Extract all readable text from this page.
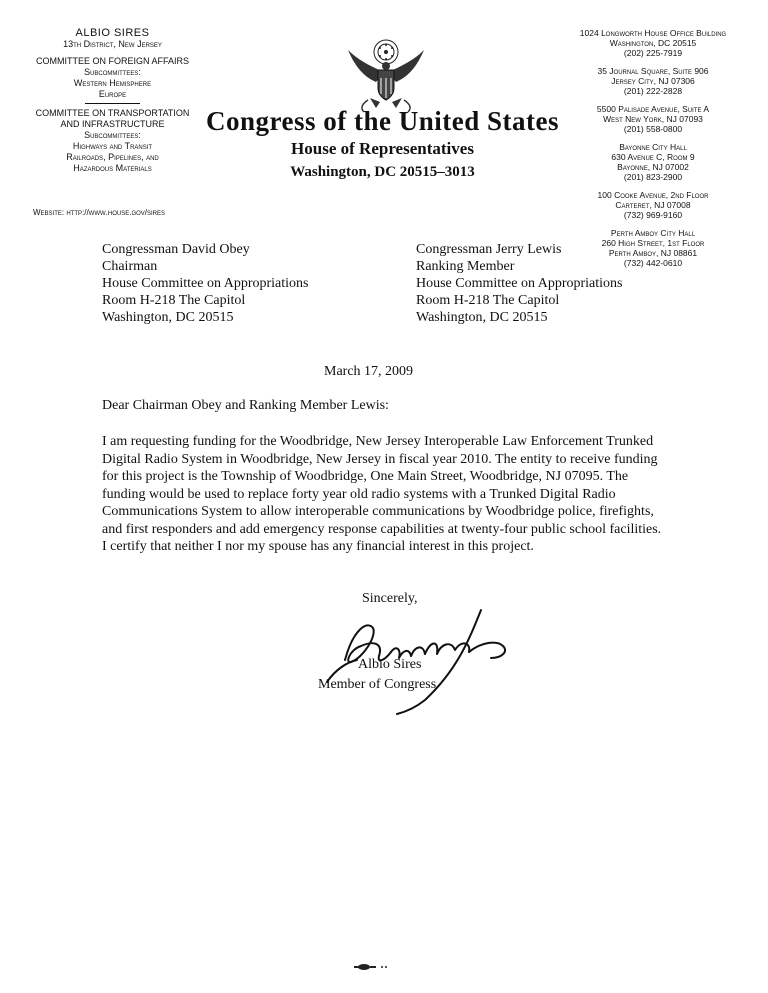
ALBIO SIRES
13th District, New Jersey
COMMITTEE ON FOREIGN AFFAIRS
Subcommittees:
Western Hemisphere
Europe
COMMITTEE ON TRANSPORTATION
AND INFRASTRUCTURE
Subcommittees:
Highways and Transit
Railroads, Pipelines, and
Hazardous Materials
Website: http://www.house.gov/sires
Congress of the United States
House of Representatives
Washington, DC 20515–3013
1024 Longworth House Office Building
Washington, DC 20515
(202) 225-7919
35 Journal Square, Suite 906
Jersey City, NJ 07306
(201) 222-2828
5500 Palisade Avenue, Suite A
West New York, NJ 07093
(201) 558-0800
Bayonne City Hall
630 Avenue C, Room 9
Bayonne, NJ 07002
(201) 823-2900
100 Cooke Avenue, 2nd Floor
Carteret, NJ 07008
(732) 969-9160
Perth Amboy City Hall
260 High Street, 1st Floor
Perth Amboy, NJ 08861
(732) 442-0610
Congressman David Obey
Chairman
House Committee on Appropriations
Room H-218 The Capitol
Washington, DC 20515
Congressman Jerry Lewis
Ranking Member
House Committee on Appropriations
Room H-218 The Capitol
Washington, DC 20515
March 17, 2009
Dear Chairman Obey and Ranking Member Lewis:
I am requesting funding for the Woodbridge, New Jersey Interoperable Law Enforcement Trunked Digital Radio System in Woodbridge, New Jersey in fiscal year 2010. The entity to receive funding for this project is the Township of Woodbridge, One Main Street, Woodbridge, NJ 07095. The funding would be used to replace forty year old radio systems with a Trunked Digital Radio Communications System to allow interoperable communications by Woodbridge police, firefights, and first responders and add emergency response capabilities at twenty-four public school facilities. I certify that neither I nor my spouse has any financial interest in this project.
Sincerely,
Albio Sires
Member of Congress
